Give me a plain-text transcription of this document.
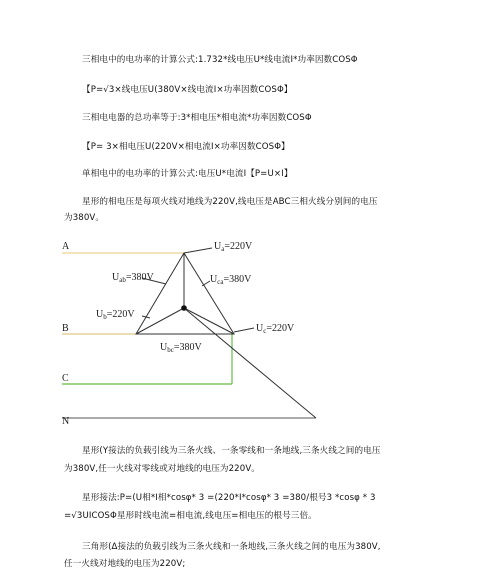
三相电中的电功率的计算公式:1.732*线电压U*线电流I*功率因数COSΦ
【P=√3×线电压U(380V×线电流I×功率因数COSΦ】
三相电电器的总功率等于:3*相电压*相电流*功率因数COSΦ
【P= 3×相电压U(220V×相电流I×功率因数COSΦ】
单相电中的电功率的计算公式:电压U*电流I【P=U×I】
星形的相电压是每项火线对地线为220V,线电压是ABC三相火线分别间的电压
为380V。
A
B
C
N
$U_a=220V$
$U_{ab}=380V$	$U_{ca}=380V$
$U_b=220V$
$U_c=220V$
$U_{bc}=380V$
星形(Y接法的负载引线为三条火线、一条零线和一条地线,三条火线之间的电压
为380V,任一火线对零线或对地线的电压为220V。
星形接法:P=(U相*I相*cosφ* 3 =(220*I*cosφ* 3 =380/根号3 *cosφ * 3
=√3UICOSΦ星形时线电流=相电流,线电压=相电压的根号三倍。
三角形(Δ接法的负载引线为三条火线和一条地线,三条火线之间的电压为380V,
任一火线对地线的电压为220V;
